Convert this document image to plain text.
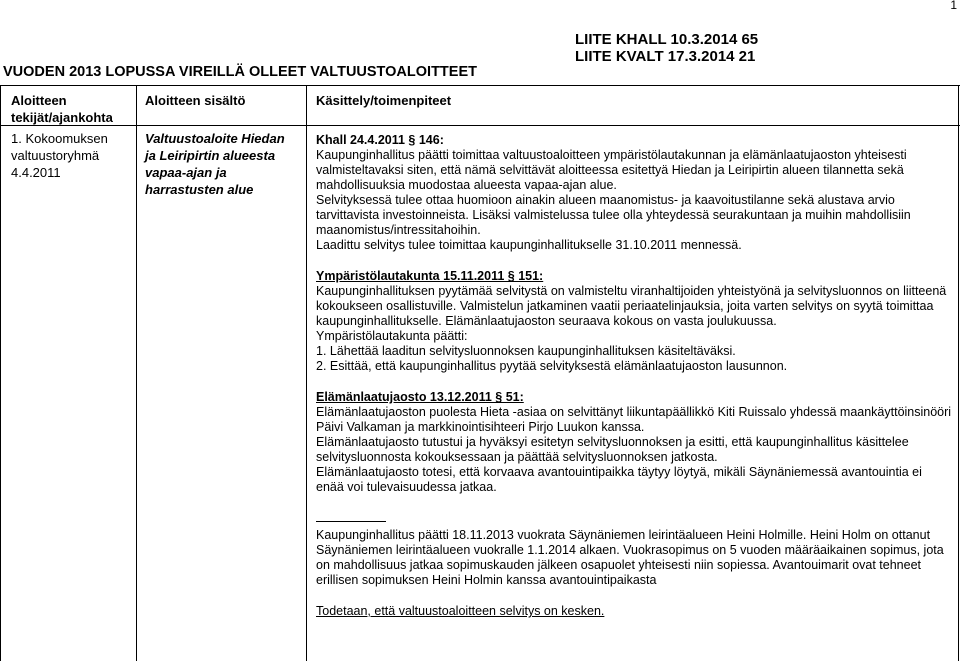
1
LIITE KHALL 10.3.2014 65
LIITE KVALT 17.3.2014 21
VUODEN 2013 LOPUSSA VIREILLÄ OLLEET VALTUUSTOALOITTEET
Aloitteen tekijät/ajankohta
Aloitteen sisältö	Käsittely/toimenpiteet
1. Kokoomuksen valtuustoryhmä
4.4.2011
Valtuustoaloite Hiedan ja Leiripirtin alueesta vapaa-ajan ja harrastusten alue

Khall 24.4.2011 § 146:

Kaupunginhallitus päätti toimittaa valtuustoaloitteen ympäristölautakunnan ja elämänlaatujaoston yhteisesti valmisteltavaksi siten, että nämä selvittävät aloitteessa esitettyä Hiedan ja Leiripirtin alueen tilannetta sekä mahdollisuuksia muodostaa alueesta vapaa-ajan alue.

Selvityksessä tulee ottaa huomioon ainakin alueen maanomistus- ja kaavoitustilanne sekä alustava arvio tarvittavista investoinneista. Lisäksi valmistelussa tulee olla yhteydessä seurakuntaan ja muihin mahdollisiin maanomistus/intressitahoihin.

Laadittu selvitys tulee toimittaa kaupunginhallitukselle 31.10.2011 mennessä.

Ympäristölautakunta 15.11.2011 § 151:

Kaupunginhallituksen pyytämää selvitystä on valmisteltu viranhaltijoiden yhteistyönä ja selvitysluonnos on liitteenä kokoukseen osallistuville. Valmistelun jatkaminen vaatii periaatelinjauksia, joita varten selvitys on syytä toimittaa kaupunginhallitukselle. Elämänlaatujaoston seuraava kokous on vasta joulukuussa.

Ympäristölautakunta päätti:

1. Lähettää laaditun selvitysluonnoksen kaupunginhallituksen käsiteltäväksi.

2. Esittää, että kaupunginhallitus pyytää selvityksestä elämänlaatujaoston lausunnon.

Elämänlaatujaosto 13.12.2011 § 51:

Elämänlaatujaoston puolesta Hieta -asiaa on selvittänyt liikuntapäällikkö Kiti Ruissalo yhdessä maankäyttöinsinööri Päivi Valkaman ja markkinointisihteeri Pirjo Luukon kanssa.

Elämänlaatujaosto tutustui ja hyväksyi esitetyn selvitysluonnoksen ja esitti, että kaupunginhallitus käsittelee selvitysluonnosta kokouksessaan ja päättää selvitysluonnoksen jatkosta.

Elämänlaatujaosto totesi, että korvaava avantouintipaikka täytyy löytyä, mikäli Säynäniemessä avantouintia ei enää voi tulevaisuudessa jatkaa.

Kaupunginhallitus päätti 18.11.2013 vuokrata Säynäniemen leirintäalueen Heini Holmille. Heini Holm on ottanut Säynäniemen leirintäalueen vuokralle 1.1.2014 alkaen. Vuokrasopimus on 5 vuoden määräaikainen sopimus, jota on mahdollisuus jatkaa sopimuskauden jälkeen osapuolet yhteisesti niin sopiessa. Avantouimarit ovat tehneet erillisen sopimuksen Heini Holmin kanssa avantouintipaikasta

Todetaan, että valtuustoaloitteen selvitys on kesken.
